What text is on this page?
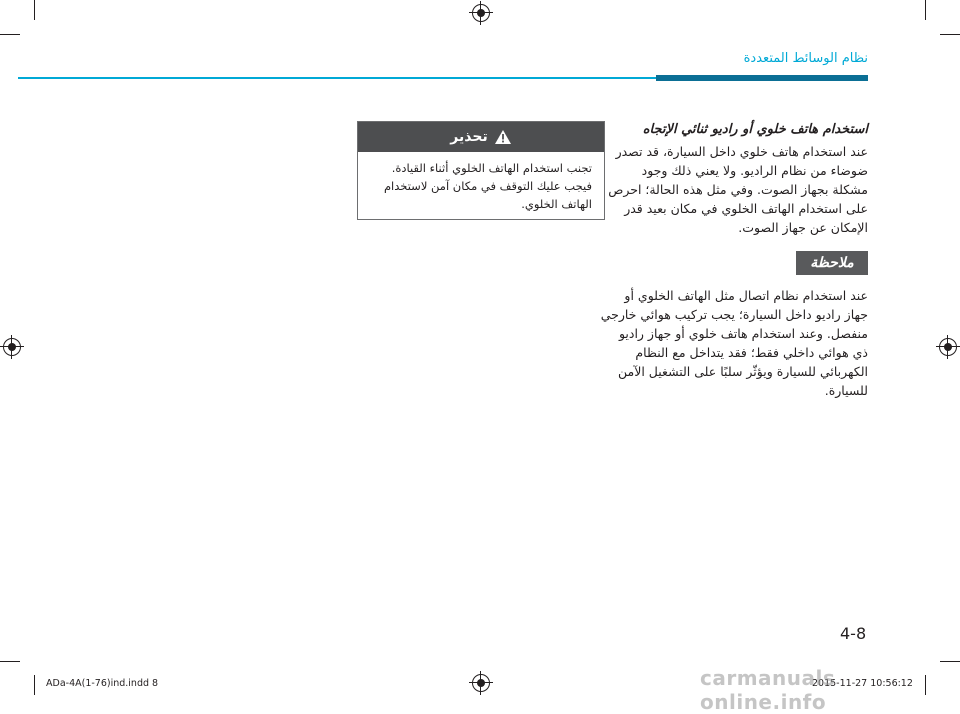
نظام الوسائط المتعددة
استخدام هاتف خلوي أو راديو ثنائي الإتجاه
عند استخدام هاتف خلوي داخل السيارة، قد تصدر
ضوضاء من نظام الراديو. ولا يعني ذلك وجود
مشكلة بجهاز الصوت. وفي مثل هذه الحالة؛ احرص
على استخدام الهاتف الخلوي في مكان بعيد قدر
الإمكان عن جهاز الصوت.
ملاحظة
عند استخدام نظام اتصال مثل الهاتف الخلوي أو
جهاز راديو داخل السيارة؛ يجب تركيب هوائي خارجي
منفصل. وعند استخدام هاتف خلوي أو جهاز راديو
ذي هوائي داخلي فقط؛ فقد يتداخل مع النظام
الكهربائي للسيارة ويؤثّر سلبًا على التشغيل الآمن
للسيارة.
تحذير
تجنب استخدام الهاتف الخلوي أثناء القيادة.
فيجب عليك التوقف في مكان آمن لاستخدام
الهاتف الخلوي.
4-8
ADa-4A(1-76)ind.indd 8	2015-11-27 10:56:12
carmanuals online.info
